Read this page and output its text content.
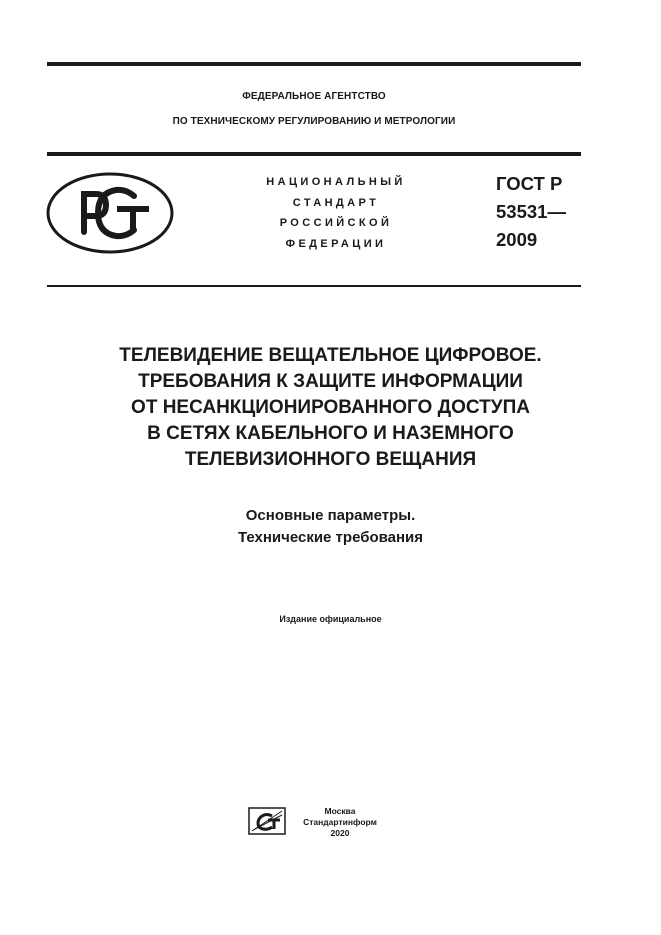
ФЕДЕРАЛЬНОЕ АГЕНТСТВО
ПО ТЕХНИЧЕСКОМУ РЕГУЛИРОВАНИЮ И МЕТРОЛОГИИ
НАЦИОНАЛЬНЫЙ
СТАНДАРТ
РОССИЙСКОЙ
ФЕДЕРАЦИИ
ГОСТ Р
53531—
2009
ТЕЛЕВИДЕНИЕ ВЕЩАТЕЛЬНОЕ ЦИФРОВОЕ.
ТРЕБОВАНИЯ К ЗАЩИТЕ ИНФОРМАЦИИ
ОТ НЕСАНКЦИОНИРОВАННОГО ДОСТУПА
В СЕТЯХ КАБЕЛЬНОГО И НАЗЕМНОГО
ТЕЛЕВИЗИОННОГО ВЕЩАНИЯ
Основные параметры.
Технические требования
Издание официальное
Москва
Стандартинформ
2020
